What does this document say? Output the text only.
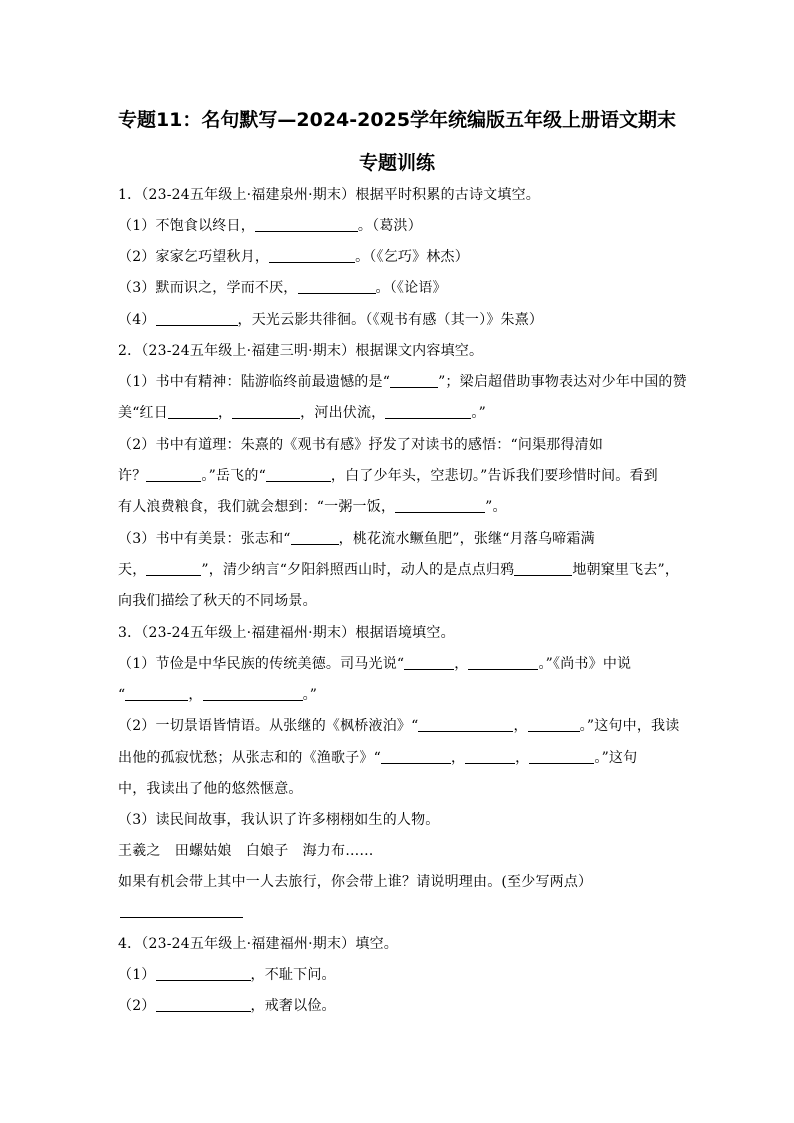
专题11：名句默写—2024-2025学年统编版五年级上册语文期末
专题训练
1．（23-24五年级上·福建泉州·期末）根据平时积累的古诗文填空。
（1）不饱食以终日，	。（葛洪）
（2）家家乞巧望秋月，	。（《乞巧》林杰）
（3）默而识之，学而不厌，	。（《论语》
（4）	，天光云影共徘徊。（《观书有感（其一）》朱熹）
2．（23-24五年级上·福建三明·期末）根据课文内容填空。
（1）书中有精神：陆游临终前最遗憾的是“	”；梁启超借助事物表达对少年中国的赞
美“红日	，	，河出伏流，	。”
（2）书中有道理：朱熹的《观书有感》抒发了对读书的感悟：“问渠那得清如
许？	。”岳飞的“	，白了少年头，空悲切。”告诉我们要珍惜时间。看到
有人浪费粮食，我们就会想到：“一粥一饭，	”。
（3）书中有美景：张志和“	，桃花流水鳜鱼肥”，张继“月落乌啼霜满
天，	”，清少纳言“夕阳斜照西山时，动人的是点点归鸦	地朝窠里飞去”，
向我们描绘了秋天的不同场景。
3．（23-24五年级上·福建福州·期末）根据语境填空。
（1）节俭是中华民族的传统美德。司马光说“	，	。”《尚书》中说
“	，	。”
（2）一切景语皆情语。从张继的《枫桥液泊》“	，	。”这句中，我读
出他的孤寂忧愁；从张志和的《渔歌子》“	，	，	。”这句
中，我读出了他的悠然惬意。
（3）读民间故事，我认识了许多栩栩如生的人物。
王羲之　田螺姑娘　白娘子　海力布……
如果有机会带上其中一人去旅行，你会带上谁？请说明理由。(至少写两点）
4．（23-24五年级上·福建福州·期末）填空。
（1）	，不耻下问。
（2）	，戒奢以俭。
